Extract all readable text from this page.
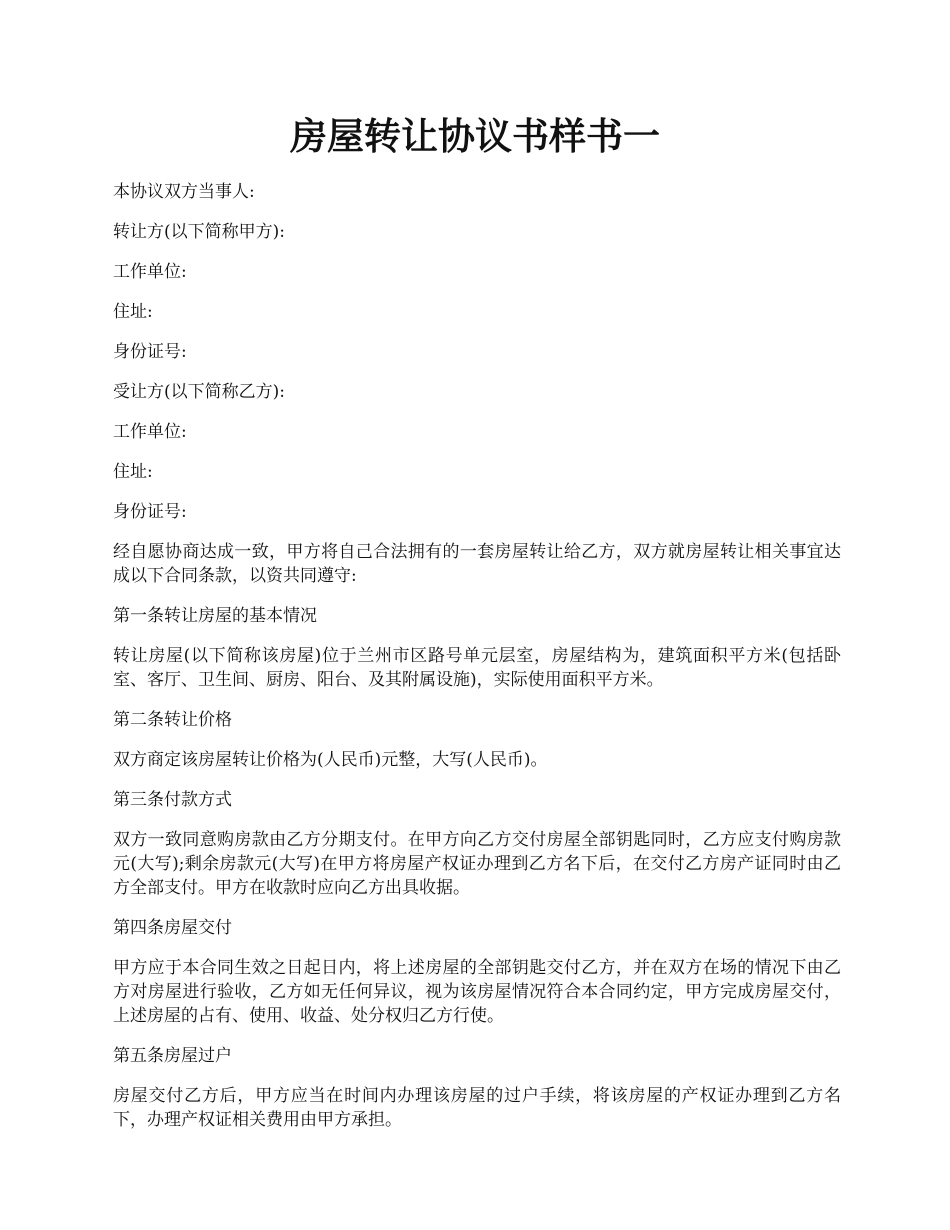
房屋转让协议书样书一

本协议双方当事人:

转让方(以下简称甲方):

工作单位:

住址:

身份证号:

受让方(以下简称乙方):

工作单位:

住址:

身份证号:

经自愿协商达成一致，甲方将自己合法拥有的一套房屋转让给乙方，双方就房屋转让相关事宜达成以下合同条款，以资共同遵守:

第一条转让房屋的基本情况

转让房屋(以下简称该房屋)位于兰州市区路号单元层室，房屋结构为，建筑面积平方米(包括卧室、客厅、卫生间、厨房、阳台、及其附属设施)，实际使用面积平方米。

第二条转让价格

双方商定该房屋转让价格为(人民币)元整，大写(人民币)。

第三条付款方式

双方一致同意购房款由乙方分期支付。在甲方向乙方交付房屋全部钥匙同时，乙方应支付购房款元(大写);剩余房款元(大写)在甲方将房屋产权证办理到乙方名下后，在交付乙方房产证同时由乙方全部支付。甲方在收款时应向乙方出具收据。

第四条房屋交付

甲方应于本合同生效之日起日内，将上述房屋的全部钥匙交付乙方，并在双方在场的情况下由乙方对房屋进行验收，乙方如无任何异议，视为该房屋情况符合本合同约定，甲方完成房屋交付，上述房屋的占有、使用、收益、处分权归乙方行使。

第五条房屋过户

房屋交付乙方后，甲方应当在时间内办理该房屋的过户手续，将该房屋的产权证办理到乙方名下，办理产权证相关费用由甲方承担。
